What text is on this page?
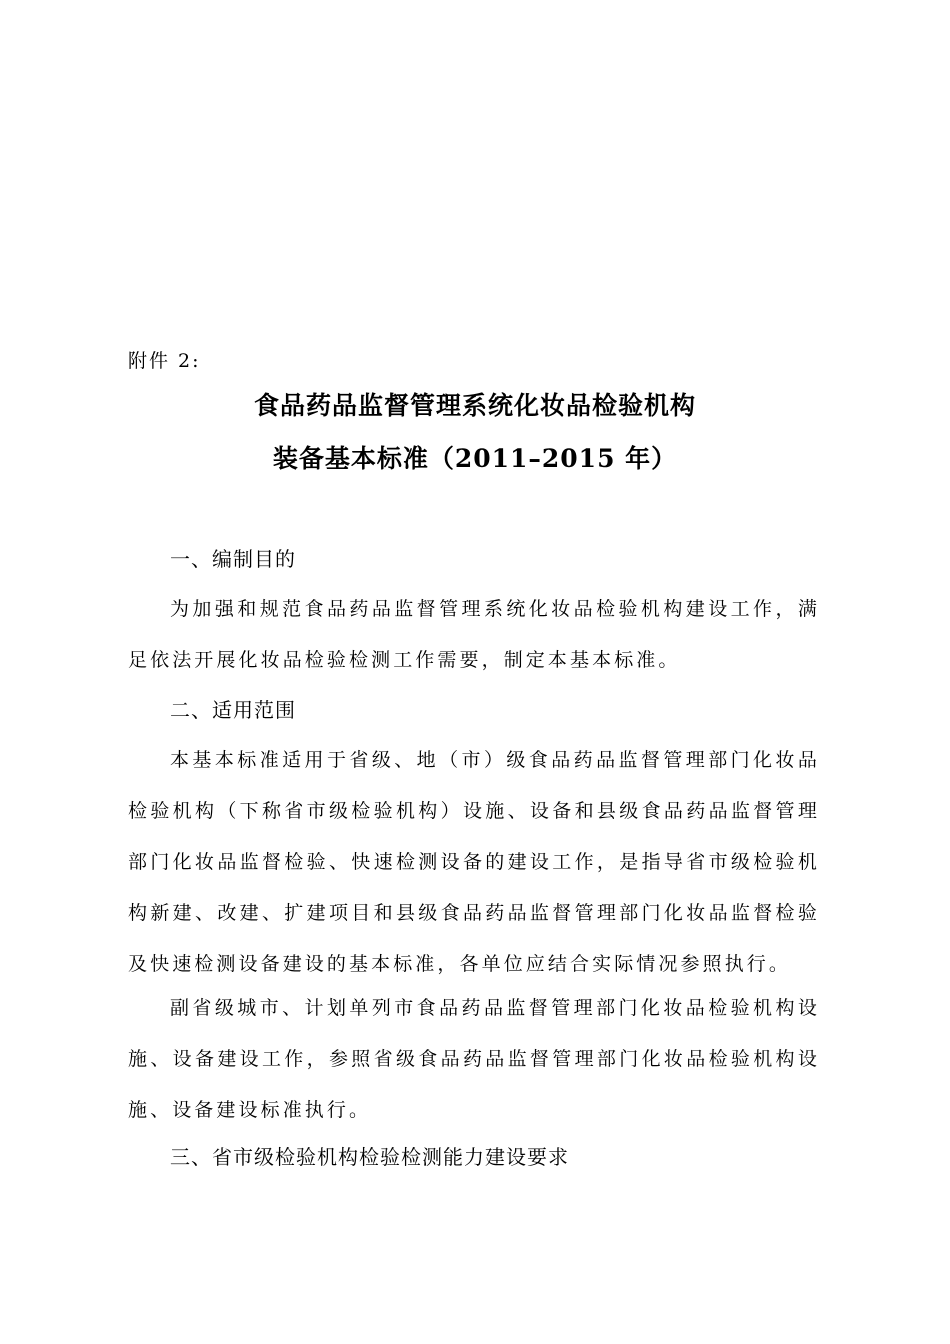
附件 2:
食品药品监督管理系统化妆品检验机构
装备基本标准（2011–2015 年）
一、编制目的

为加强和规范食品药品监督管理系统化妆品检验机构建设工作，满足依法开展化妆品检验检测工作需要，制定本基本标准。

二、适用范围

本基本标准适用于省级、地（市）级食品药品监督管理部门化妆品检验机构（下称省市级检验机构）设施、设备和县级食品药品监督管理部门化妆品监督检验、快速检测设备的建设工作，是指导省市级检验机构新建、改建、扩建项目和县级食品药品监督管理部门化妆品监督检验及快速检测设备建设的基本标准，各单位应结合实际情况参照执行。

副省级城市、计划单列市食品药品监督管理部门化妆品检验机构设施、设备建设工作，参照省级食品药品监督管理部门化妆品检验机构设施、设备建设标准执行。

三、省市级检验机构检验检测能力建设要求
